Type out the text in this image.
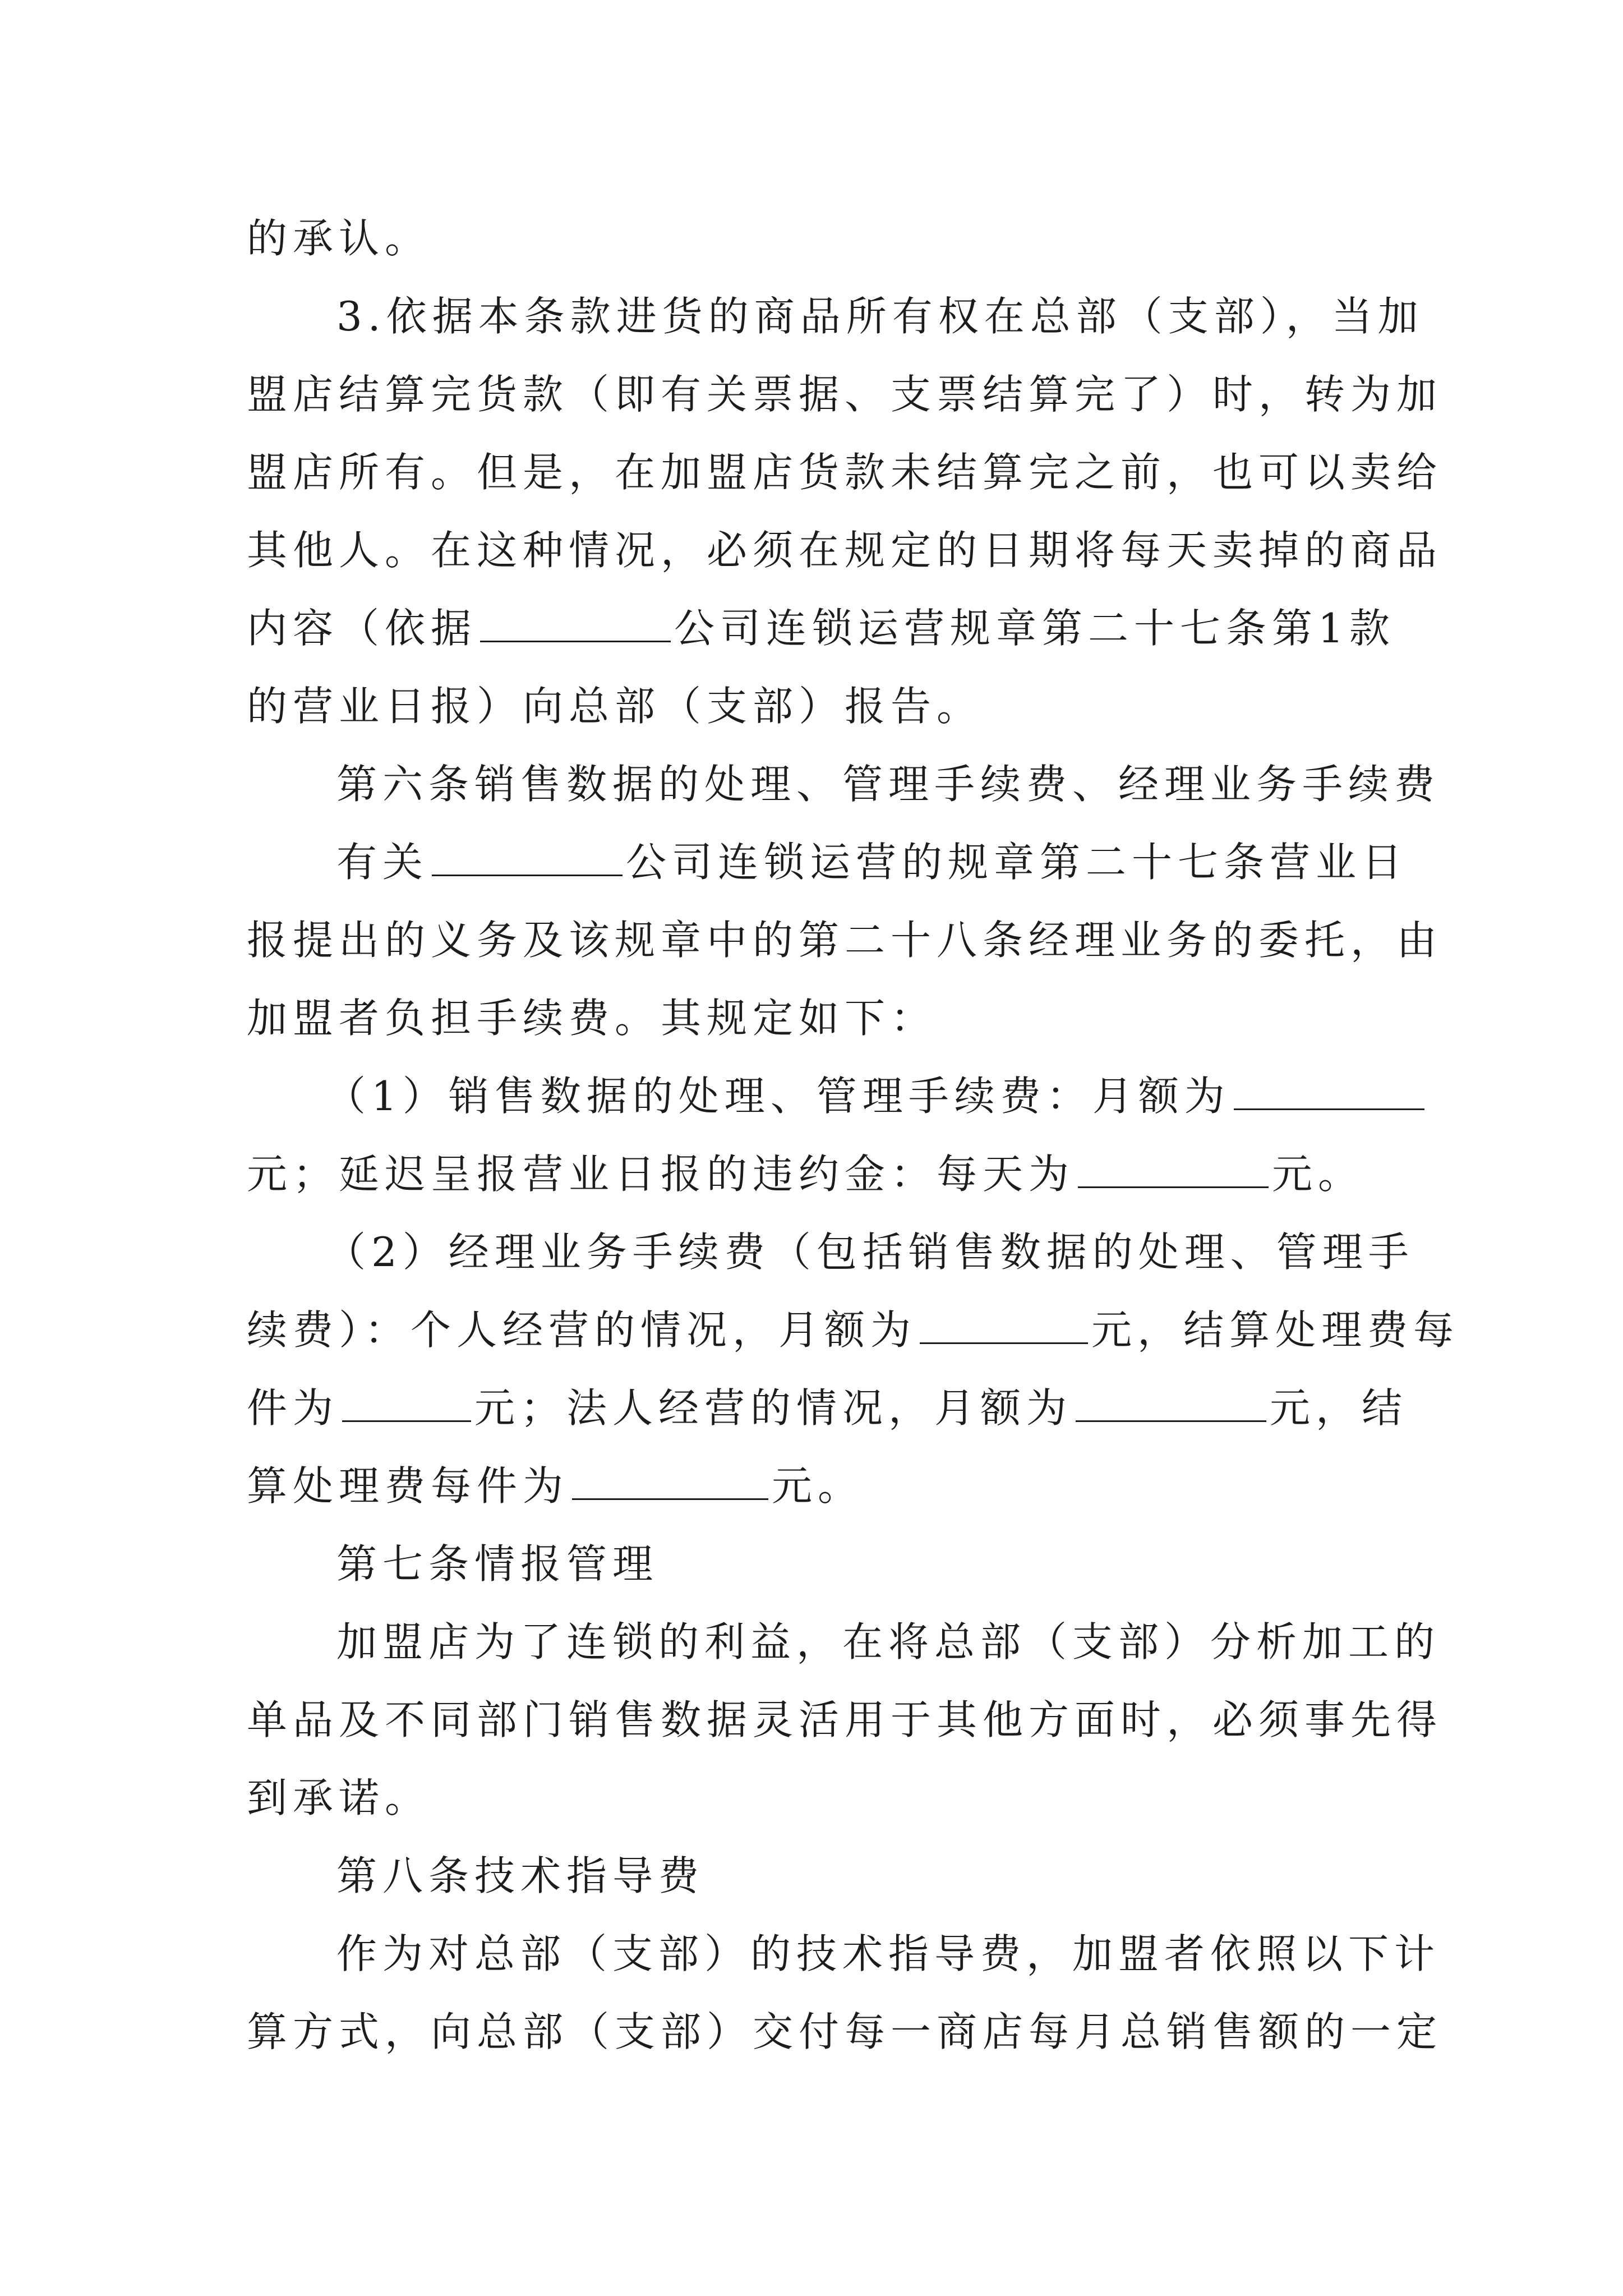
的承认。

3.依据本条款进货的商品所有权在总部（支部），当加

盟店结算完货款（即有关票据、支票结算完了）时，转为加

盟店所有。但是，在加盟店货款未结算完之前，也可以卖给

其他人。在这种情况，必须在规定的日期将每天卖掉的商品

内容（依据	公司连锁运营规章第二十七条第1款

的营业日报）向总部（支部）报告。

第六条销售数据的处理、管理手续费、经理业务手续费

有关	公司连锁运营的规章第二十七条营业日

报提出的义务及该规章中的第二十八条经理业务的委托，由

加盟者负担手续费。其规定如下：

（1）销售数据的处理、管理手续费：月额为

元；延迟呈报营业日报的违约金：每天为	元。

（2）经理业务手续费（包括销售数据的处理、管理手

续费）：个人经营的情况，月额为	元，结算处理费每

件为	元；法人经营的情况，月额为	元，结

算处理费每件为	元。

第七条情报管理

加盟店为了连锁的利益，在将总部（支部）分析加工的

单品及不同部门销售数据灵活用于其他方面时，必须事先得

到承诺。

第八条技术指导费

作为对总部（支部）的技术指导费，加盟者依照以下计

算方式，向总部（支部）交付每一商店每月总销售额的一定
